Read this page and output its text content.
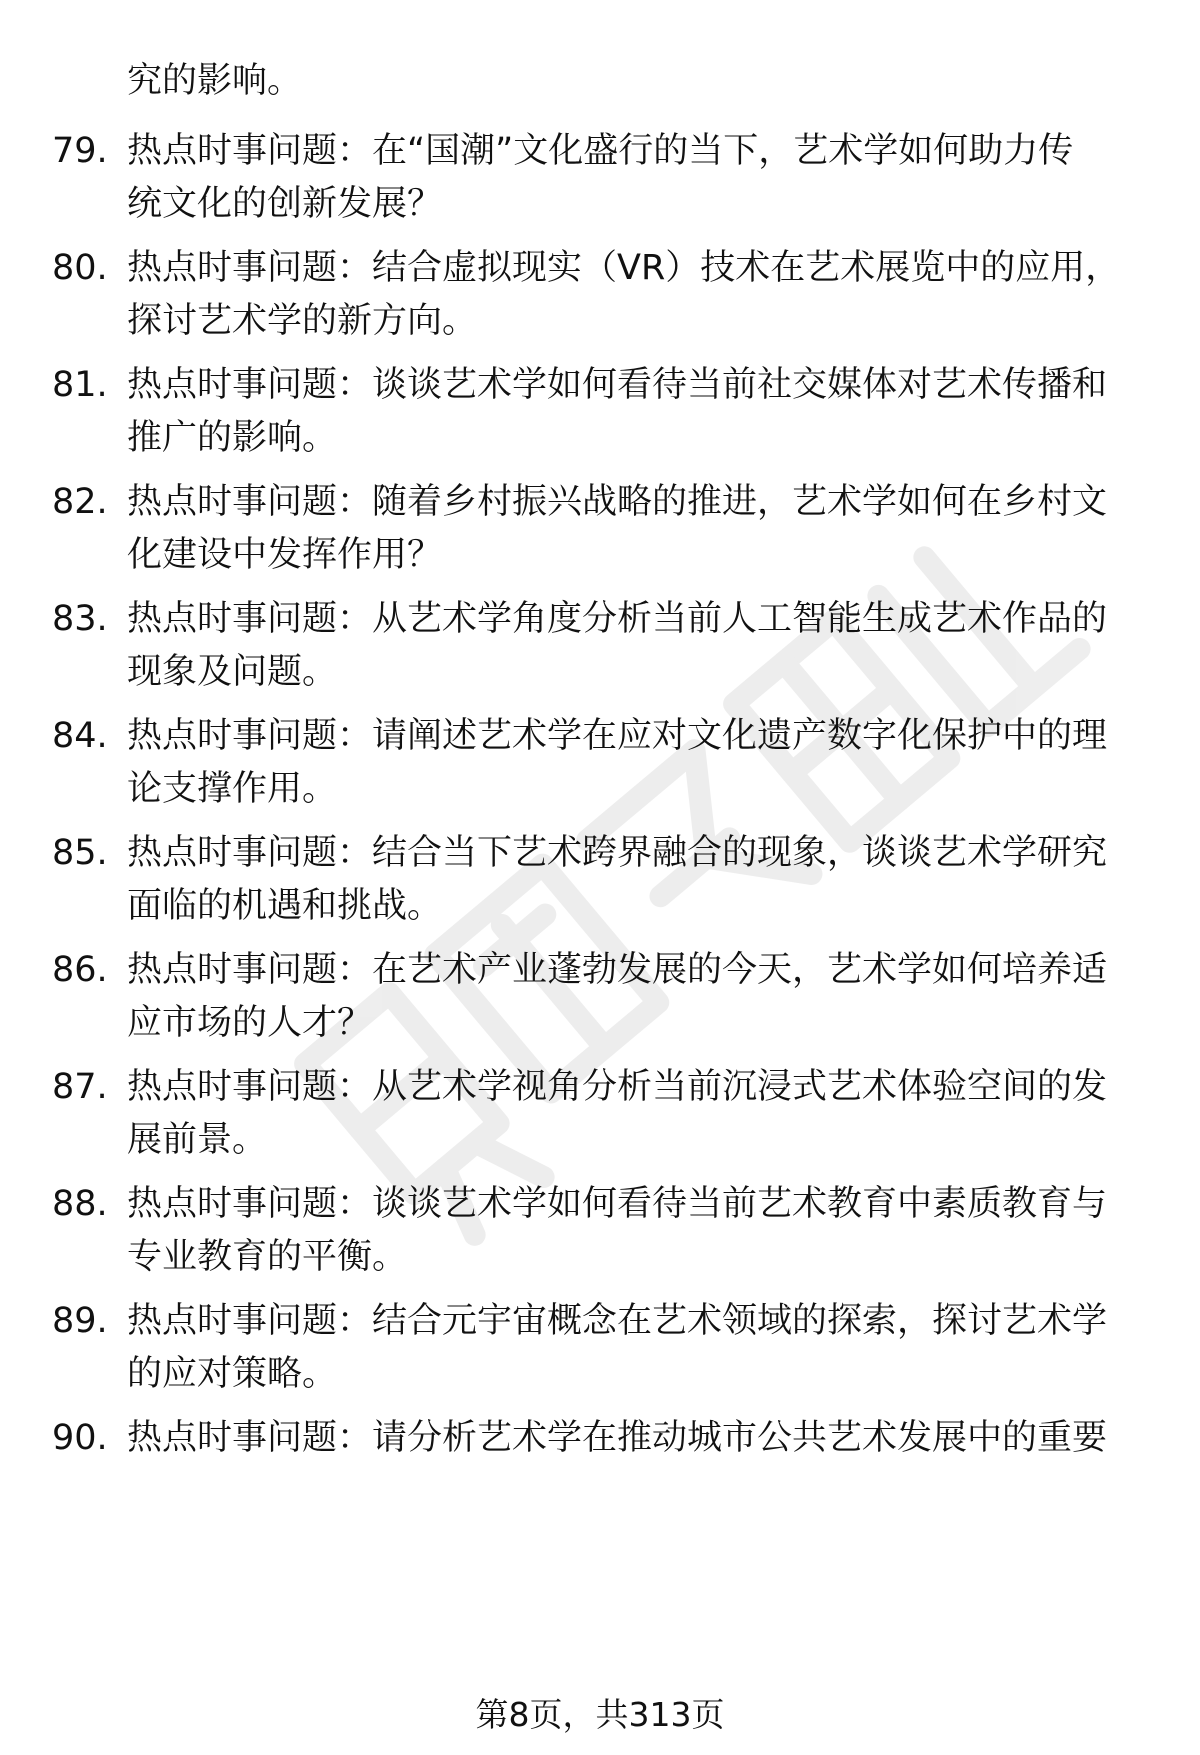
究的影响。
79. 热点时事问题：在“国潮”文化盛行的当下，艺术学如何助力传
统文化的创新发展？
80. 热点时事问题：结合虚拟现实（VR）技术在艺术展览中的应用，
探讨艺术学的新方向。
81. 热点时事问题：谈谈艺术学如何看待当前社交媒体对艺术传播和
推广的影响。
82. 热点时事问题：随着乡村振兴战略的推进，艺术学如何在乡村文
化建设中发挥作用？
83. 热点时事问题：从艺术学角度分析当前人工智能生成艺术作品的
现象及问题。
84. 热点时事问题：请阐述艺术学在应对文化遗产数字化保护中的理
论支撑作用。
85. 热点时事问题：结合当下艺术跨界融合的现象，谈谈艺术学研究
面临的机遇和挑战。
86. 热点时事问题：在艺术产业蓬勃发展的今天，艺术学如何培养适
应市场的人才？
87. 热点时事问题：从艺术学视角分析当前沉浸式艺术体验空间的发
展前景。
88. 热点时事问题：谈谈艺术学如何看待当前艺术教育中素质教育与
专业教育的平衡。
89. 热点时事问题：结合元宇宙概念在艺术领域的探索，探讨艺术学
的应对策略。
90. 热点时事问题：请分析艺术学在推动城市公共艺术发展中的重要
第8页，共313页
